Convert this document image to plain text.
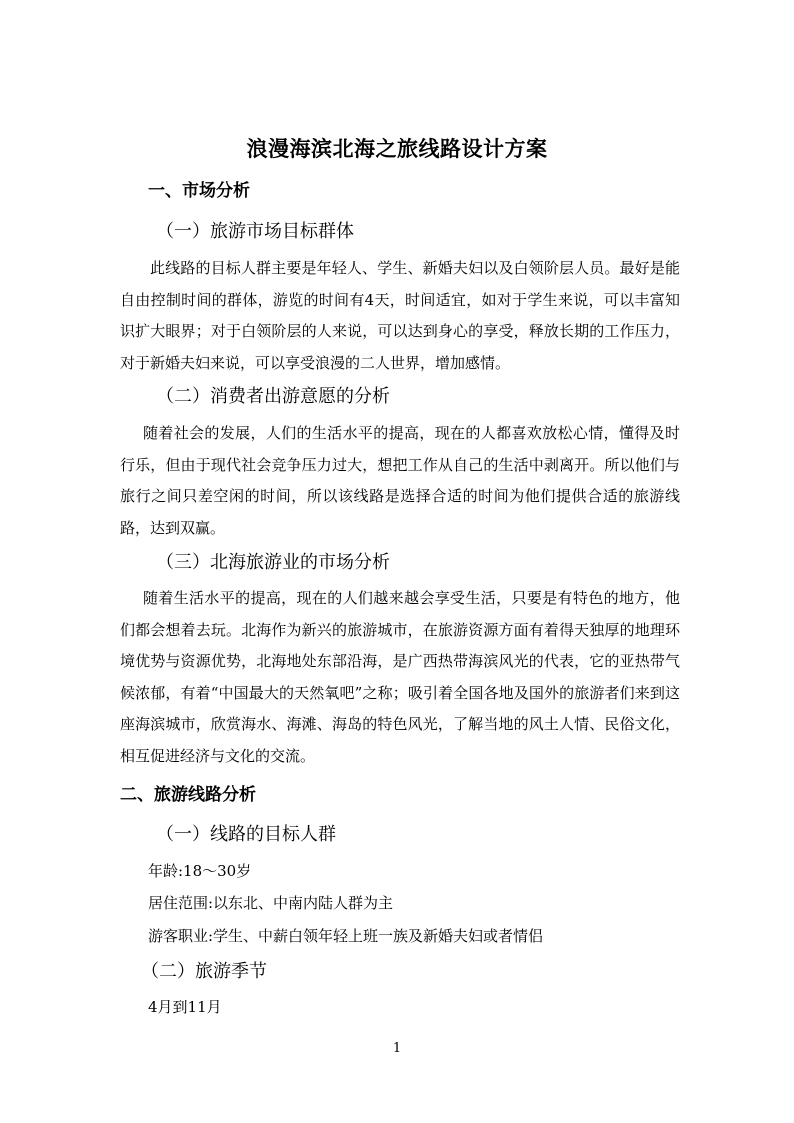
浪漫海滨北海之旅线路设计方案
一、市场分析
（一）旅游市场目标群体
此线路的目标人群主要是年轻人、学生、新婚夫妇以及白领阶层人员。最好是能自由控制时间的群体，游览的时间有4天，时间适宜，如对于学生来说，可以丰富知识扩大眼界；对于白领阶层的人来说，可以达到身心的享受，释放长期的工作压力，对于新婚夫妇来说，可以享受浪漫的二人世界，增加感情。
（二）消费者出游意愿的分析
随着社会的发展，人们的生活水平的提高，现在的人都喜欢放松心情，懂得及时行乐，但由于现代社会竞争压力过大，想把工作从自己的生活中剥离开。所以他们与旅行之间只差空闲的时间，所以该线路是选择合适的时间为他们提供合适的旅游线路，达到双赢。
（三）北海旅游业的市场分析
随着生活水平的提高，现在的人们越来越会享受生活，只要是有特色的地方，他们都会想着去玩。北海作为新兴的旅游城市，在旅游资源方面有着得天独厚的地理环境优势与资源优势，北海地处东部沿海，是广西热带海滨风光的代表，它的亚热带气候浓郁，有着“中国最大的天然氧吧”之称；吸引着全国各地及国外的旅游者们来到这座海滨城市，欣赏海水、海滩、海岛的特色风光，了解当地的风土人情、民俗文化，相互促进经济与文化的交流。
二、旅游线路分析
（一）线路的目标人群
年龄:18～30岁
居住范围:以东北、中南内陆人群为主
游客职业:学生、中薪白领年轻上班一族及新婚夫妇或者情侣
（二）旅游季节
4月到11月
1
